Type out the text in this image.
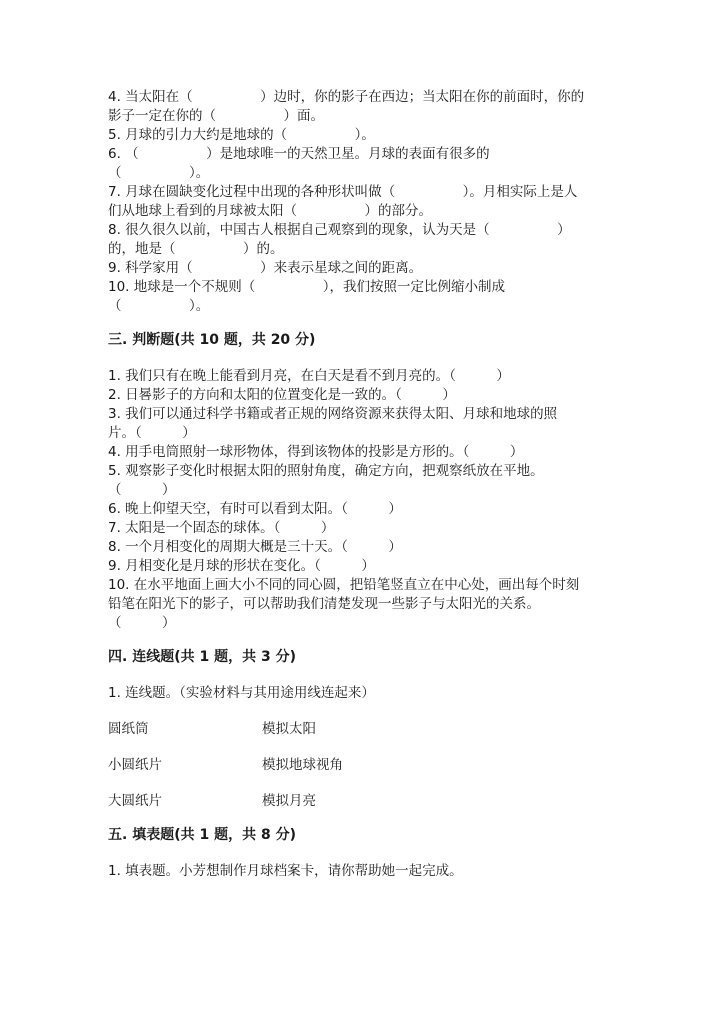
4. 当太阳在（　　　　　）边时，你的影子在西边；当太阳在你的前面时，你的
影子一定在你的（　　　　　）面。
5. 月球的引力大约是地球的（　　　　　）。
6. （　　　　　）是地球唯一的天然卫星。月球的表面有很多的
（　　　　　）。
7. 月球在圆缺变化过程中出现的各种形状叫做（　　　　　）。月相实际上是人
们从地球上看到的月球被太阳（　　　　　）的部分。
8. 很久很久以前，中国古人根据自己观察到的现象，认为天是（　　　　　）
的，地是（　　　　　）的。
9. 科学家用（　　　　　）来表示星球之间的距离。
10. 地球是一个不规则（　　　　　），我们按照一定比例缩小制成
（　　　　　）。
三. 判断题(共 10 题，共 20 分)
1. 我们只有在晚上能看到月亮，在白天是看不到月亮的。（　　　）
2. 日晷影子的方向和太阳的位置变化是一致的。（　　　）
3. 我们可以通过科学书籍或者正规的网络资源来获得太阳、月球和地球的照
片。（　　　）
4. 用手电筒照射一球形物体，得到该物体的投影是方形的。（　　　）
5. 观察影子变化时根据太阳的照射角度，确定方向，把观察纸放在平地。
（　　　）
6. 晚上仰望天空，有时可以看到太阳。（　　　）
7. 太阳是一个固态的球体。（　　　）
8. 一个月相变化的周期大概是三十天。（　　　）
9. 月相变化是月球的形状在变化。（　　　）
10. 在水平地面上画大小不同的同心圆，把铅笔竖直立在中心处，画出每个时刻
铅笔在阳光下的影子，可以帮助我们清楚发现一些影子与太阳光的关系。
（　　　）
四. 连线题(共 1 题，共 3 分)
1. 连线题。（实验材料与其用途用线连起来）
圆纸筒	模拟太阳
小圆纸片	模拟地球视角
大圆纸片	模拟月亮
五. 填表题(共 1 题，共 8 分)
1. 填表题。小芳想制作月球档案卡，请你帮助她一起完成。
